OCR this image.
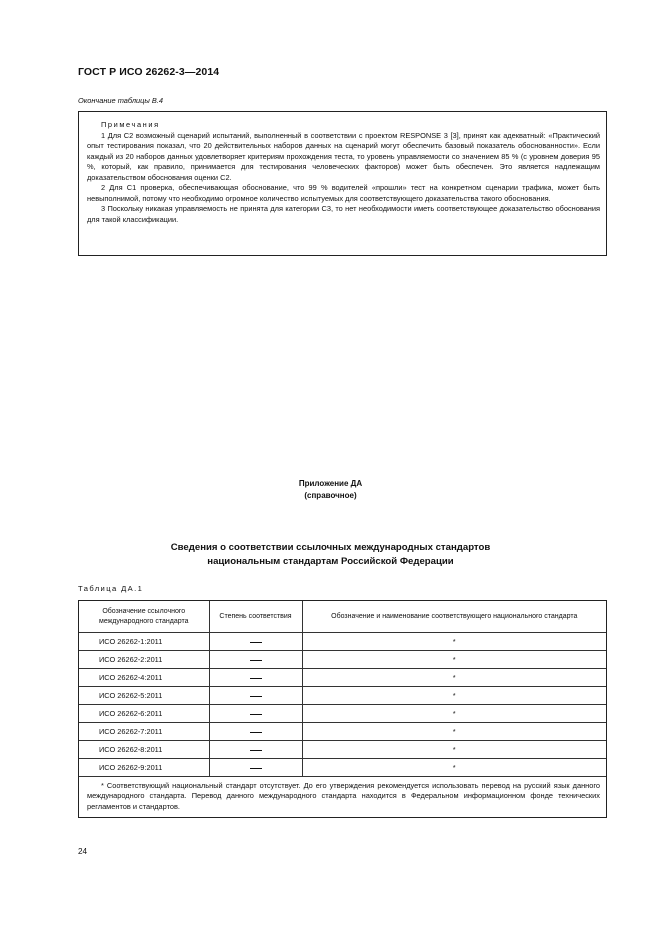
ГОСТ Р ИСО 26262-3—2014
Окончание таблицы B.4

Примечания

1 Для C2 возможный сценарий испытаний, выполненный в соответствии с проектом RESPONSE 3 [3], принят как адекватный: «Практический опыт тестирования показал, что 20 действительных наборов данных на сценарий могут обеспечить базовый показатель обоснованности». Если каждый из 20 наборов данных удовлетворяет критериям прохождения теста, то уровень управляемости со значением 85 % (с уровнем доверия 95 %, который, как правило, принимается для тестирования человеческих факторов) может быть обеспечен. Это является надлежащим доказательством обоснования оценки C2.

2 Для C1 проверка, обеспечивающая обоснование, что 99 % водителей «прошли» тест на конкретном сценарии трафика, может быть невыполнимой, потому что необходимо огромное количество испытуемых для соответствующего доказательства такого обоснования.

3 Поскольку никакая управляемость не принята для категории C3, то нет необходимости иметь соответствующее доказательство обоснования для такой классификации.

Приложение ДА
(справочное)
Сведения о соответствии ссылочных международных стандартов
национальным стандартам Российской Федерации
Таблица ДА.1
Обозначение ссылочного международного стандарта	Степень соответствия	Обозначение и наименование соответствующего национального стандарта
ИСО 26262-1:2011		*
ИСО 26262-2:2011		*
ИСО 26262-4:2011		*
ИСО 26262-5:2011		*
ИСО 26262-6:2011		*
ИСО 26262-7:2011		*
ИСО 26262-8:2011		*
ИСО 26262-9:2011		*
* Соответствующий национальный стандарт отсутствует. До его утверждения рекомендуется использовать перевод на русский язык данного международного стандарта. Перевод данного международного стандарта находится в Федеральном информационном фонде технических регламентов и стандартов.
24
